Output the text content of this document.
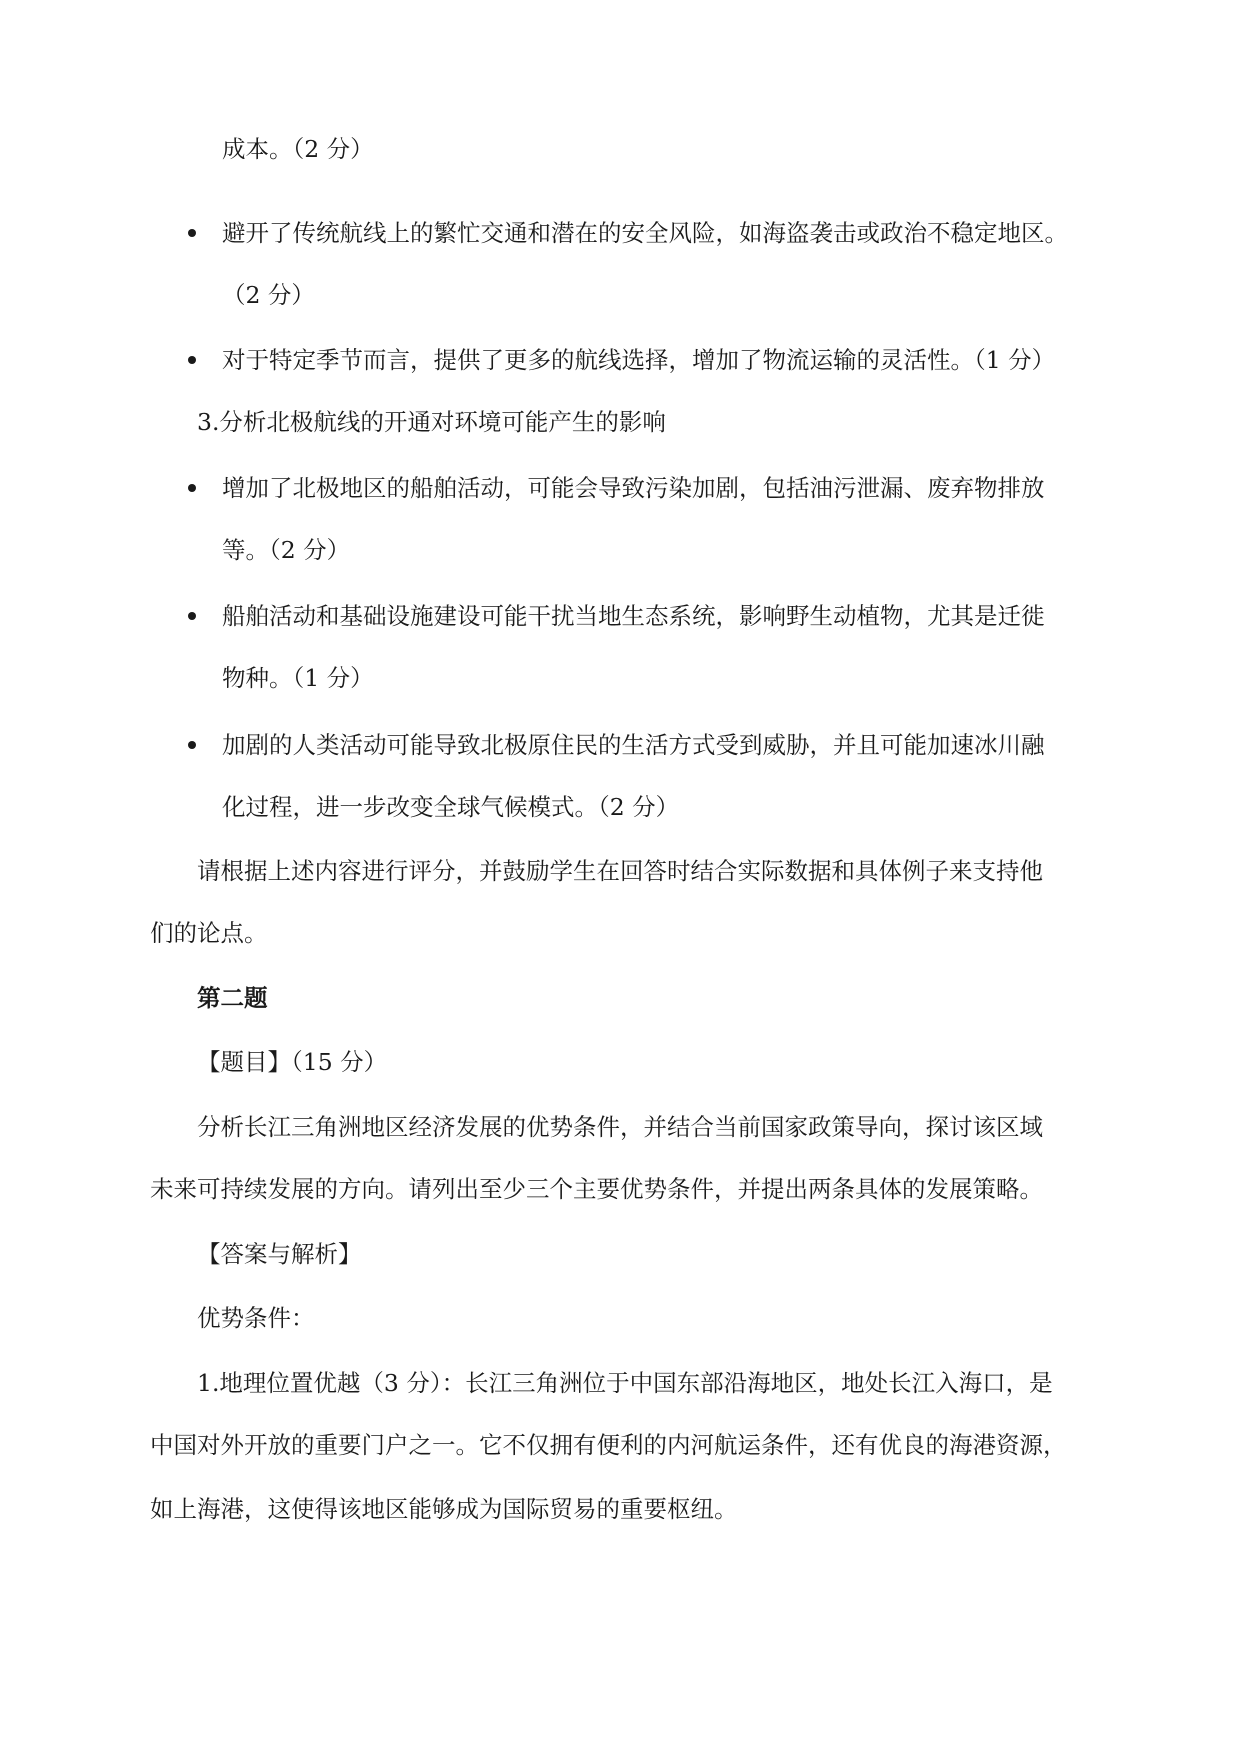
成本。（2 分）
避开了传统航线上的繁忙交通和潜在的安全风险，如海盗袭击或政治不稳定地区。
（2 分）
对于特定季节而言，提供了更多的航线选择，增加了物流运输的灵活性。（1 分）
3.分析北极航线的开通对环境可能产生的影响
增加了北极地区的船舶活动，可能会导致污染加剧，包括油污泄漏、废弃物排放
等。（2 分）
船舶活动和基础设施建设可能干扰当地生态系统，影响野生动植物，尤其是迁徙
物种。（1 分）
加剧的人类活动可能导致北极原住民的生活方式受到威胁，并且可能加速冰川融
化过程，进一步改变全球气候模式。（2 分）
请根据上述内容进行评分，并鼓励学生在回答时结合实际数据和具体例子来支持他
们的论点。
第二题
【题目】（15 分）
分析长江三角洲地区经济发展的优势条件，并结合当前国家政策导向，探讨该区域
未来可持续发展的方向。请列出至少三个主要优势条件，并提出两条具体的发展策略。
【答案与解析】
优势条件：
1.地理位置优越（3 分）：长江三角洲位于中国东部沿海地区，地处长江入海口，是
中国对外开放的重要门户之一。它不仅拥有便利的内河航运条件，还有优良的海港资源，
如上海港，这使得该地区能够成为国际贸易的重要枢纽。
